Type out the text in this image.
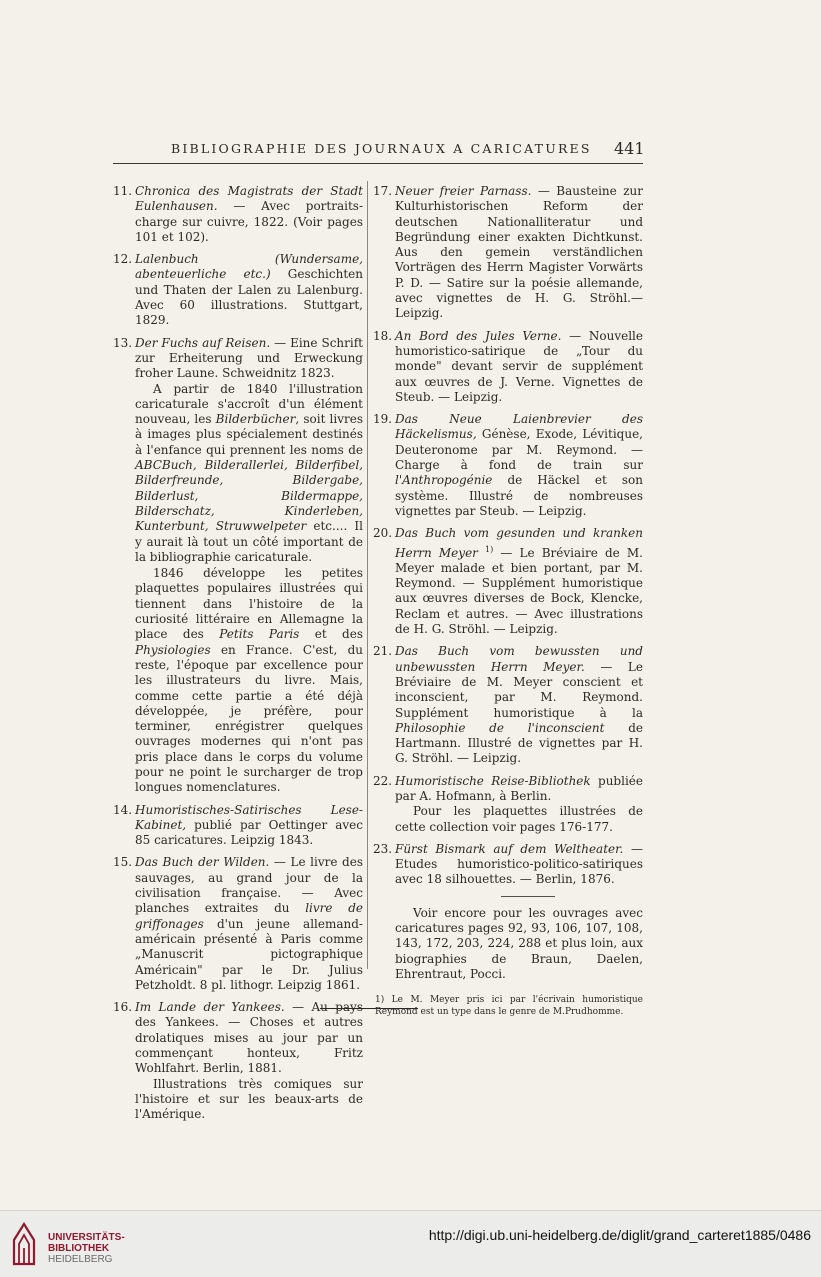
BIBLIOGRAPHIE DES JOURNAUX A CARICATURES 441
11. Chronica des Magistrats der Stadt Eulenhausen. — Avec portraits-charge sur cuivre, 1822. (Voir pages 101 et 102).
12. Lalenbuch (Wundersame, abenteuerliche etc.) Geschichten und Thaten der Lalen zu Lalenburg. Avec 60 illustrations. Stuttgart, 1829.
13. Der Fuchs auf Reisen. — Eine Schrift zur Erheiterung und Erweckung froher Laune. Schweidnitz 1823.
A partir de 1840 l'illustration caricaturale s'accroît d'un élément nouveau, les Bilderbücher, soit livres à images plus spécialement destinés à l'enfance qui prennent les noms de ABCBuch, Bilderallerlei, Bilderfibel, Bilderfreunde, Bildergabe, Bilderlust, Bildermappe, Bilderschatz, Kinderleben, Kunterbunt, Struwwelpeter etc.... Il y aurait là tout un côté important de la bibliographie caricaturale.
1846 développe les petites plaquettes populaires illustrées qui tiennent dans l'histoire de la curiosité littéraire en Allemagne la place des Petits Paris et des Physiologies en France. C'est, du reste, l'époque par excellence pour les illustrateurs du livre. Mais, comme cette partie a été déjà développée, je préfère, pour terminer, enrégistrer quelques ouvrages modernes qui n'ont pas pris place dans le corps du volume pour ne point le surcharger de trop longues nomenclatures.
14. Humoristisches-Satirisches Lese-Kabinet, publié par Oettinger avec 85 caricatures. Leipzig 1843.
15. Das Buch der Wilden. — Le livre des sauvages, au grand jour de la civilisation française. — Avec planches extraites du livre de griffonages d'un jeune allemand-américain présenté à Paris comme „Manuscrit pictographique Américain" par le Dr. Julius Petzholdt. 8 pl. lithogr. Leipzig 1861.
16. Im Lande der Yankees. — Au pays des Yankees. — Choses et autres drolatiques mises au jour par un commençant honteux, Fritz Wohlfahrt. Berlin, 1881.
Illustrations très comiques sur l'histoire et sur les beaux-arts de l'Amérique.
17. Neuer freier Parnass. — Bausteine zur Kulturhistorischen Reform der deutschen Nationalliteratur und Begründung einer exakten Dichtkunst. Aus den gemein verständlichen Vorträgen des Herrn Magister Vorwärts P. D. — Satire sur la poésie allemande, avec vignettes de H. G. Ströhl.— Leipzig.
18. An Bord des Jules Verne. — Nouvelle humoristico-satirique de „Tour du monde" devant servir de supplément aux œuvres de J. Verne. Vignettes de Steub. — Leipzig.
19. Das Neue Laienbrevier des Häckelismus, Génèse, Exode, Lévitique, Deuteronome par M. Reymond. — Charge à fond de train sur l'Anthropogénie de Häckel et son système. Illustré de nombreuses vignettes par Steub. — Leipzig.
20. Das Buch vom gesunden und kranken Herrn Meyer $^{1)}$ — Le Bréviaire de M. Meyer malade et bien portant, par M. Reymond. — Supplément humoristique aux œuvres diverses de Bock, Klencke, Reclam et autres. — Avec illustrations de H. G. Ströhl. — Leipzig.
21. Das Buch vom bewussten und unbewussten Herrn Meyer. — Le Bréviaire de M. Meyer conscient et inconscient, par M. Reymond. Supplément humoristique à la Philosophie de l'inconscient de Hartmann. Illustré de vignettes par H. G. Ströhl. — Leipzig.
22. Humoristische Reise-Bibliothek publiée par A. Hofmann, à Berlin.
Pour les plaquettes illustrées de cette collection voir pages 176-177.
23. Fürst Bismark auf dem Weltheater. — Etudes humoristico-politico-satiriques avec 18 silhouettes. — Berlin, 1876.
Voir encore pour les ouvrages avec caricatures pages 92, 93, 106, 107, 108, 143, 172, 203, 224, 288 et plus loin, aux biographies de Braun, Daelen, Ehrentraut, Pocci.
1) Le M. Meyer pris ici par l'écrivain humoristique Reymond est un type dans le genre de M.Prudhomme.
UNIVERSITÄTS-
BIBLIOTHEK
HEIDELBERG
http://digi.ub.uni-heidelberg.de/diglit/grand_carteret1885/0486
